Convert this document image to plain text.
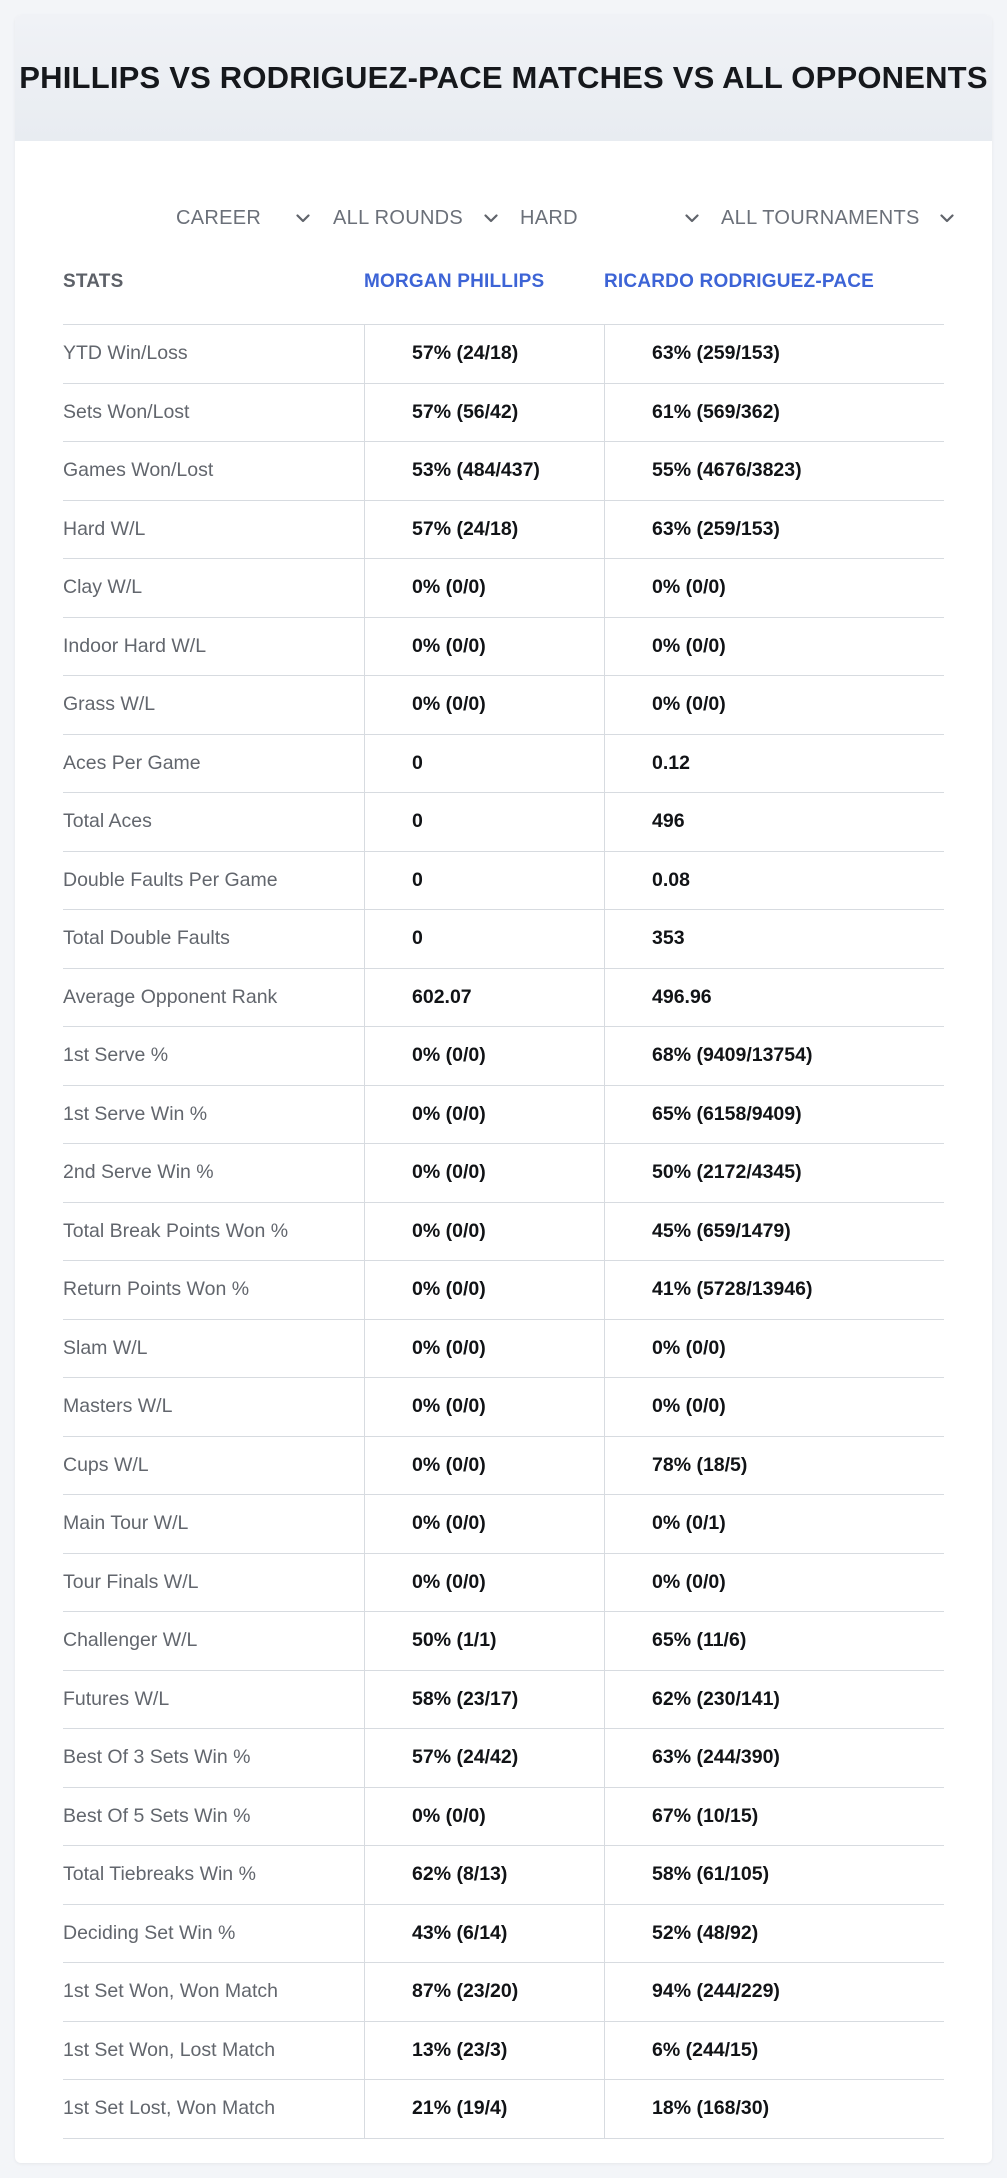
PHILLIPS VS RODRIGUEZ-PACE MATCHES VS ALL OPPONENTS
CAREER	ALL ROUNDS	HARD	ALL TOURNAMENTS
STATS	MORGAN PHILLIPS	RICARDO RODRIGUEZ-PACE
YTD Win/Loss	57% (24/18)	63% (259/153)
Sets Won/Lost	57% (56/42)	61% (569/362)
Games Won/Lost	53% (484/437)	55% (4676/3823)
Hard W/L	57% (24/18)	63% (259/153)
Clay W/L	0% (0/0)	0% (0/0)
Indoor Hard W/L	0% (0/0)	0% (0/0)
Grass W/L	0% (0/0)	0% (0/0)
Aces Per Game	0	0.12
Total Aces	0	496
Double Faults Per Game	0	0.08
Total Double Faults	0	353
Average Opponent Rank	602.07	496.96
1st Serve %	0% (0/0)	68% (9409/13754)
1st Serve Win %	0% (0/0)	65% (6158/9409)
2nd Serve Win %	0% (0/0)	50% (2172/4345)
Total Break Points Won %	0% (0/0)	45% (659/1479)
Return Points Won %	0% (0/0)	41% (5728/13946)
Slam W/L	0% (0/0)	0% (0/0)
Masters W/L	0% (0/0)	0% (0/0)
Cups W/L	0% (0/0)	78% (18/5)
Main Tour W/L	0% (0/0)	0% (0/1)
Tour Finals W/L	0% (0/0)	0% (0/0)
Challenger W/L	50% (1/1)	65% (11/6)
Futures W/L	58% (23/17)	62% (230/141)
Best Of 3 Sets Win %	57% (24/42)	63% (244/390)
Best Of 5 Sets Win %	0% (0/0)	67% (10/15)
Total Tiebreaks Win %	62% (8/13)	58% (61/105)
Deciding Set Win %	43% (6/14)	52% (48/92)
1st Set Won, Won Match	87% (23/20)	94% (244/229)
1st Set Won, Lost Match	13% (23/3)	6% (244/15)
1st Set Lost, Won Match	21% (19/4)	18% (168/30)
